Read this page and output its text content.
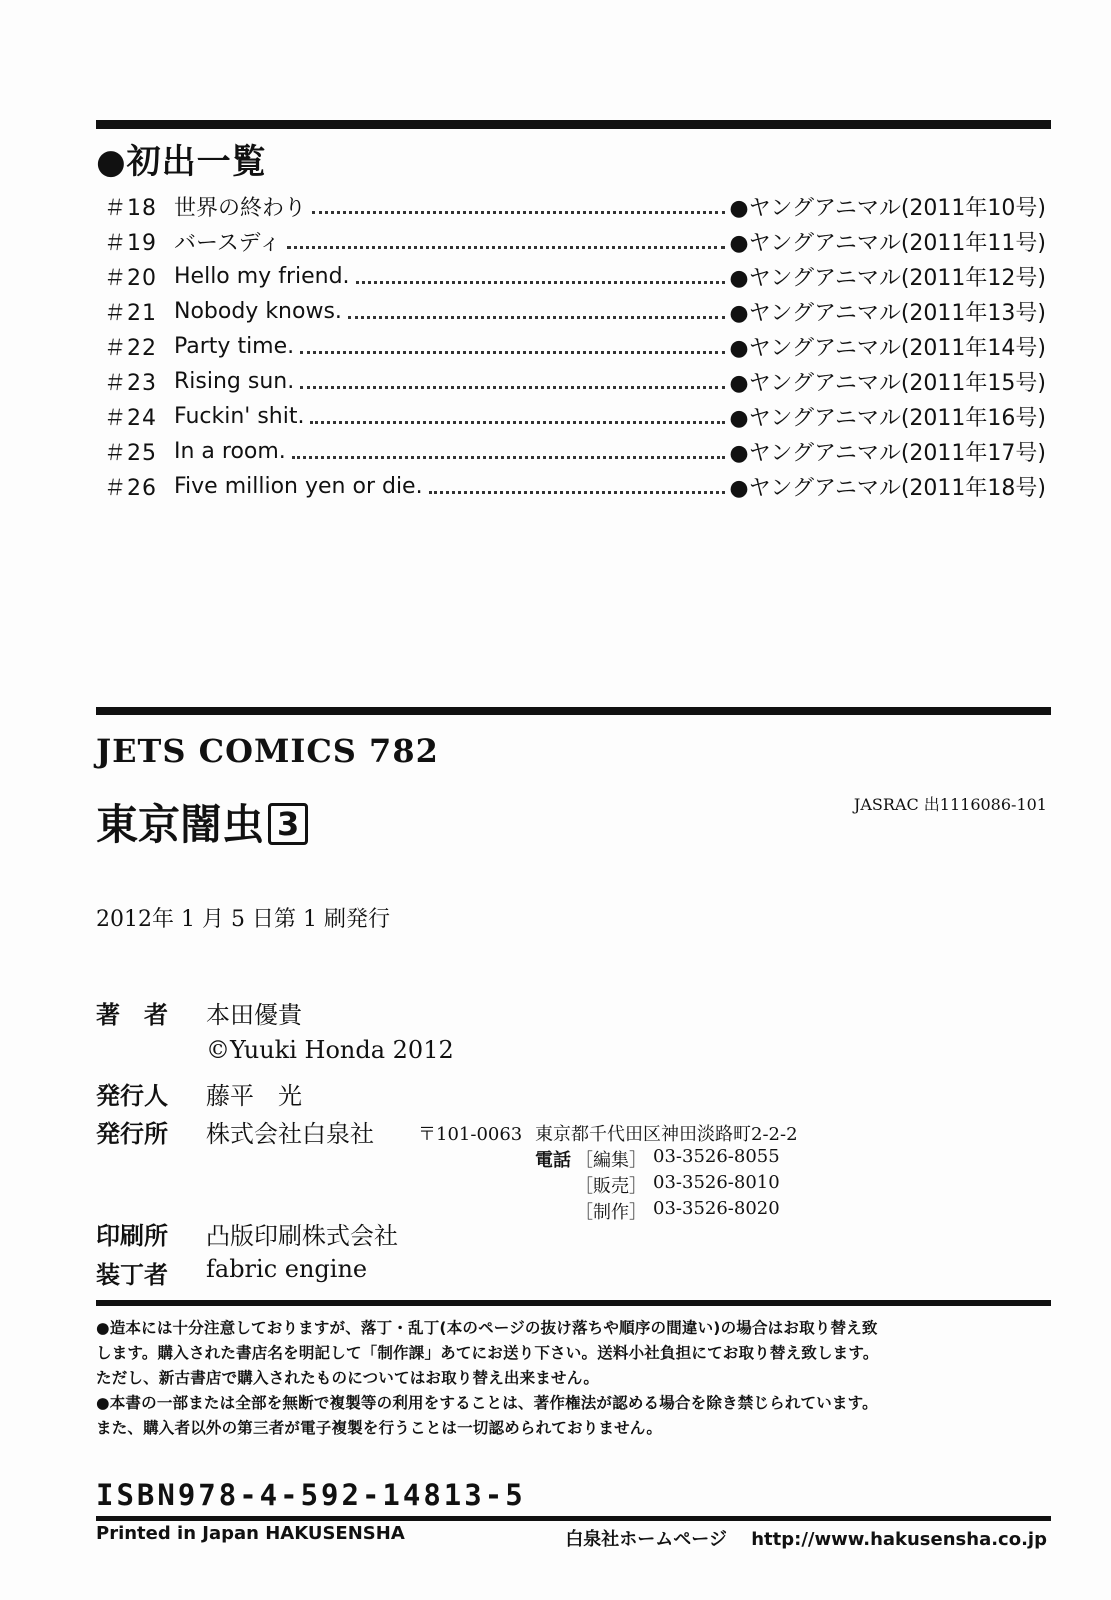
●初出一覧
＃18 世界の終わり	●ヤングアニマル(2011年10号)
＃19 バースディ	●ヤングアニマル(2011年11号)
＃20 Hello my friend.	●ヤングアニマル(2011年12号)
＃21 Nobody knows.	●ヤングアニマル(2011年13号)
＃22 Party time.	●ヤングアニマル(2011年14号)
＃23 Rising sun.	●ヤングアニマル(2011年15号)
＃24 Fuckin' shit.	●ヤングアニマル(2011年16号)
＃25 In a room.	●ヤングアニマル(2011年17号)
＃26 Five million yen or die.	●ヤングアニマル(2011年18号)
JETS COMICS 782
東京闇虫 3
JASRAC 出1116086-101
2012年 1 月 5 日第 1 刷発行
著　者 本田優貴
©Yuuki Honda 2012
発行人 藤平　光
発行所 株式会社白泉社 〒101-0063 東京都千代田区神田淡路町2-2-2
電話 ［編集］ 03-3526-8055
［販売］ 03-3526-8010
［制作］ 03-3526-8020
印刷所 凸版印刷株式会社
装丁者 fabric engine
●造本には十分注意しておりますが、落丁・乱丁(本のページの抜け落ちや順序の間違い)の場合はお取り替え致
します。購入された書店名を明記して「制作課」あてにお送り下さい。送料小社負担にてお取り替え致します。
ただし、新古書店で購入されたものについてはお取り替え出来ません。
●本書の一部または全部を無断で複製等の利用をすることは、著作権法が認める場合を除き禁じられています。
また、購入者以外の第三者が電子複製を行うことは一切認められておりません。
ISBN978-4-592-14813-5
Printed in Japan HAKUSENSHA	白泉社ホームページ http://www.hakusensha.co.jp
